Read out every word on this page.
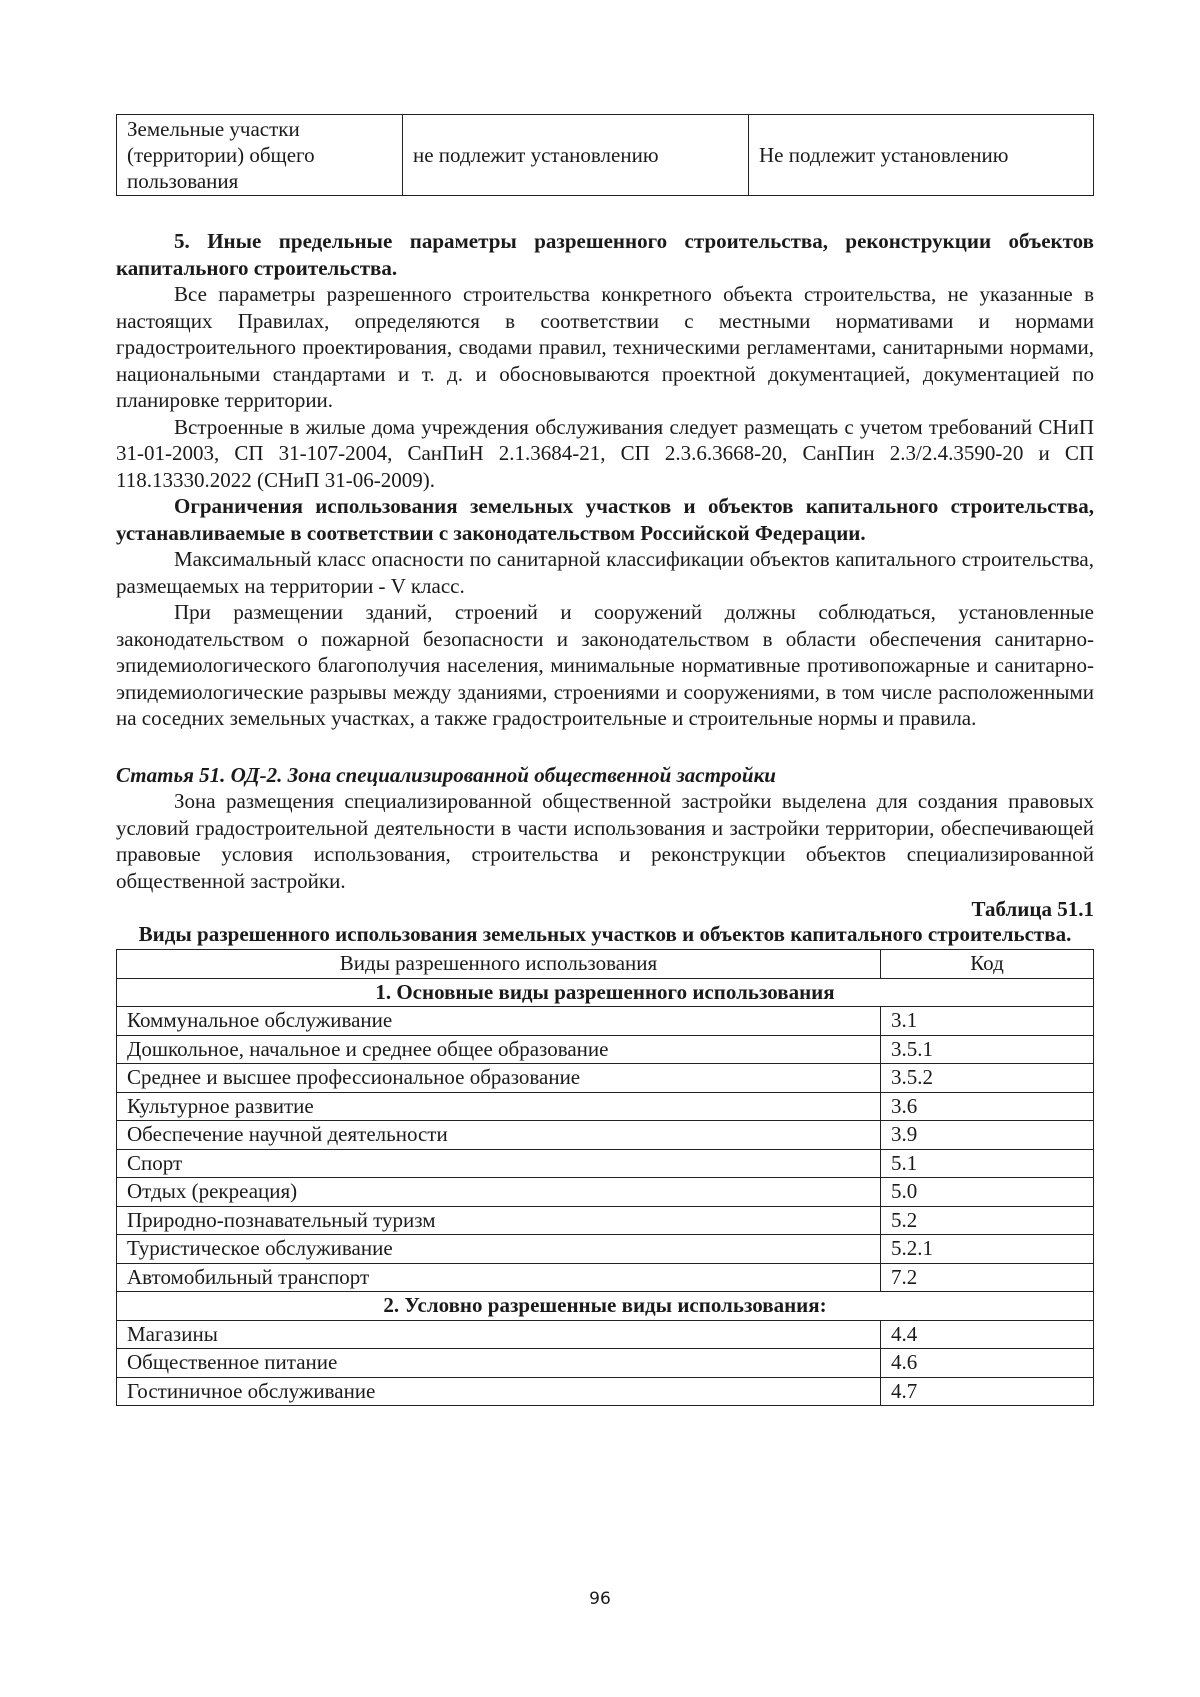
Земельные участки (территории) общего пользования	не подлежит установлению	Не подлежит установлению

5. Иные предельные параметры разрешенного строительства, реконструкции объектов капитального строительства.

Все параметры разрешенного строительства конкретного объекта строительства, не указанные в настоящих Правилах, определяются в соответствии с местными нормативами и нормами градостроительного проектирования, сводами правил, техническими регламентами, санитарными нормами, национальными стандартами и т. д. и обосновываются проектной документацией, документацией по планировке территории.

Встроенные в жилые дома учреждения обслуживания следует размещать с учетом требований СНиП 31-01-2003, СП 31-107-2004, СанПиН 2.1.3684-21, СП 2.3.6.3668-20, СанПин 2.3/2.4.3590-20 и СП 118.13330.2022 (СНиП 31-06-2009).

Ограничения использования земельных участков и объектов капитального строительства, устанавливаемые в соответствии с законодательством Российской Федерации.

Максимальный класс опасности по санитарной классификации объектов капитального строительства, размещаемых на территории - V класс.

При размещении зданий, строений и сооружений должны соблюдаться, установленные законодательством о пожарной безопасности и законодательством в области обеспечения санитарно-эпидемиологического благополучия населения, минимальные нормативные противопожарные и санитарно-эпидемиологические разрывы между зданиями, строениями и сооружениями, в том числе расположенными на соседних земельных участках, а также градостроительные и строительные нормы и правила.

Статья 51. ОД-2. Зона специализированной общественной застройки

Зона размещения специализированной общественной застройки выделена для создания правовых условий градостроительной деятельности в части использования и застройки территории, обеспечивающей правовые условия использования, строительства и реконструкции объектов специализированной общественной застройки.

Таблица 51.1
Виды разрешенного использования земельных участков и объектов капитального строительства.
Виды разрешенного использования	Код
1. Основные виды разрешенного использования	
Коммунальное обслуживание	3.1
Дошкольное, начальное и среднее общее образование	3.5.1
Среднее и высшее профессиональное образование	3.5.2
Культурное развитие	3.6
Обеспечение научной деятельности	3.9
Спорт	5.1
Отдых (рекреация)	5.0
Природно-познавательный туризм	5.2
Туристическое обслуживание	5.2.1
Автомобильный транспорт	7.2
2. Условно разрешенные виды использования:	
Магазины	4.4
Общественное питание	4.6
Гостиничное обслуживание	4.7
96
